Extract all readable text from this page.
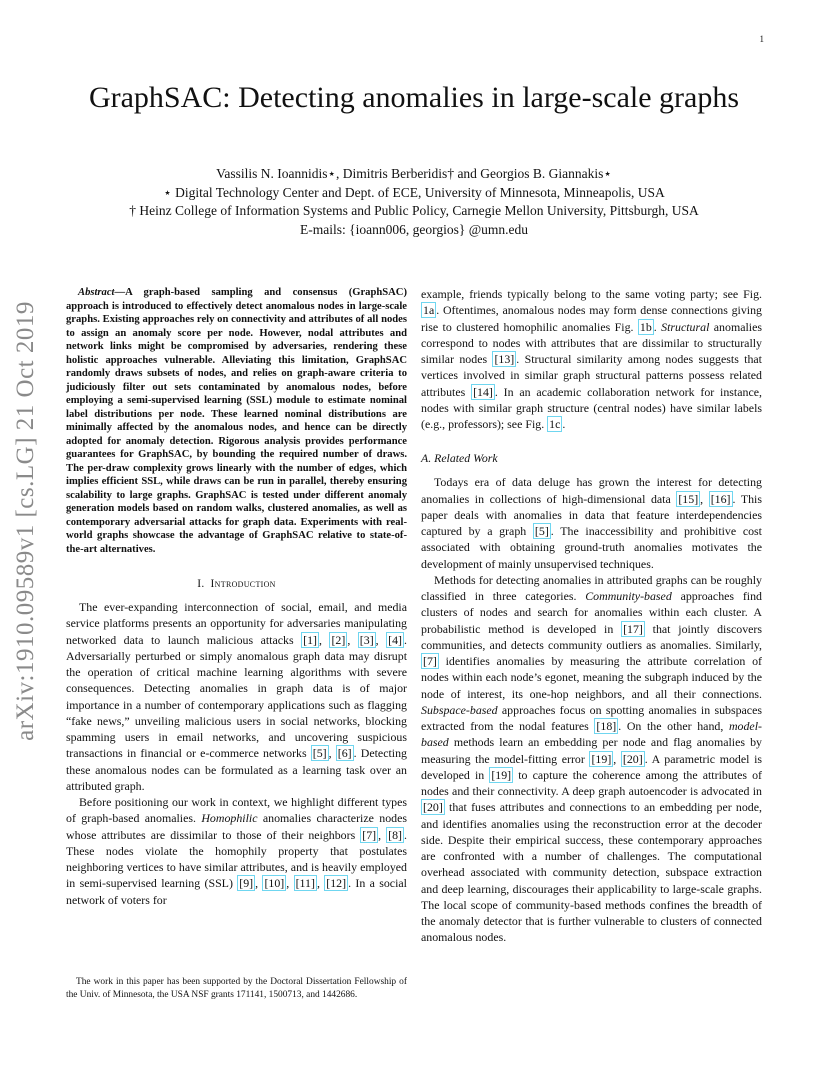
1
arXiv:1910.09589v1 [cs.LG] 21 Oct 2019
GraphSAC: Detecting anomalies in large-scale graphs
Vassilis N. Ioannidis⋆, Dimitris Berberidis† and Georgios B. Giannakis⋆
⋆ Digital Technology Center and Dept. of ECE, University of Minnesota, Minneapolis, USA
† Heinz College of Information Systems and Public Policy, Carnegie Mellon University, Pittsburgh, USA
E-mails: {ioann006, georgios} @umn.edu

Abstract—A graph-based sampling and consensus (GraphSAC) approach is introduced to effectively detect anomalous nodes in large-scale graphs. Existing approaches rely on connectivity and attributes of all nodes to assign an anomaly score per node. However, nodal attributes and network links might be compromised by adversaries, rendering these holistic approaches vulnerable. Alleviating this limitation, GraphSAC randomly draws subsets of nodes, and relies on graph-aware criteria to judiciously filter out sets contaminated by anomalous nodes, before employing a semi-supervised learning (SSL) module to estimate nominal label distributions per node. These learned nominal distributions are minimally affected by the anomalous nodes, and hence can be directly adopted for anomaly detection. Rigorous analysis provides performance guarantees for GraphSAC, by bounding the required number of draws. The per-draw complexity grows linearly with the number of edges, which implies efficient SSL, while draws can be run in parallel, thereby ensuring scalability to large graphs. GraphSAC is tested under different anomaly generation models based on random walks, clustered anomalies, as well as contemporary adversarial attacks for graph data. Experiments with real-world graphs showcase the advantage of GraphSAC relative to state-of-the-art alternatives.

I. Introduction

The ever-expanding interconnection of social, email, and media service platforms presents an opportunity for adversaries manipulating networked data to launch malicious attacks [1] , [2] , [3] , [4] . Adversarially perturbed or simply anomalous graph data may disrupt the operation of critical machine learning algorithms with severe consequences. Detecting anomalies in graph data is of major importance in a number of contemporary applications such as flagging “fake news,” unveiling malicious users in social networks, blocking spamming users in email networks, and uncovering suspicious transactions in financial or e-commerce networks [5] , [6] . Detecting these anomalous nodes can be formulated as a learning task over an attributed graph.

Before positioning our work in context, we highlight different types of graph-based anomalies. Homophilic anomalies characterize nodes whose attributes are dissimilar to those of their neighbors [7] , [8] . These nodes violate the homophily property that postulates neighboring vertices to have similar attributes, and is heavily employed in semi-supervised learning (SSL) [9] , [10] , [11] , [12] . In a social network of voters for

The work in this paper has been supported by the Doctoral Dissertation Fellowship of the Univ. of Minnesota, the USA NSF grants 171141, 1500713, and 1442686.

example, friends typically belong to the same voting party; see Fig. 1a . Oftentimes, anomalous nodes may form dense connections giving rise to clustered homophilic anomalies Fig. 1b . Structural anomalies correspond to nodes with attributes that are dissimilar to structurally similar nodes [13] . Structural similarity among nodes suggests that vertices involved in similar graph structural patterns possess related attributes [14] . In an academic collaboration network for instance, nodes with similar graph structure (central nodes) have similar labels (e.g., professors); see Fig. 1c .

A. Related Work

Todays era of data deluge has grown the interest for detecting anomalies in collections of high-dimensional data [15] , [16] . This paper deals with anomalies in data that feature interdependencies captured by a graph [5] . The inaccessibility and prohibitive cost associated with obtaining ground-truth anomalies motivates the development of mainly unsupervised techniques.

Methods for detecting anomalies in attributed graphs can be roughly classified in three categories. Community-based approaches find clusters of nodes and search for anomalies within each cluster. A probabilistic method is developed in [17] that jointly discovers communities, and detects community outliers as anomalies. Similarly, [7] identifies anomalies by measuring the attribute correlation of nodes within each node’s egonet, meaning the subgraph induced by the node of interest, its one-hop neighbors, and all their connections. Subspace-based approaches focus on spotting anomalies in subspaces extracted from the nodal features [18] . On the other hand, model-based methods learn an embedding per node and flag anomalies by measuring the model-fitting error [19] , [20] . A parametric model is developed in [19] to capture the coherence among the attributes of nodes and their connectivity. A deep graph autoencoder is advocated in [20] that fuses attributes and connections to an embedding per node, and identifies anomalies using the reconstruction error at the decoder side. Despite their empirical success, these contemporary approaches are confronted with a number of challenges. The computational overhead associated with community detection, subspace extraction and deep learning, discourages their applicability to large-scale graphs. The local scope of community-based methods confines the breadth of the anomaly detector that is further vulnerable to clusters of connected anomalous nodes.
